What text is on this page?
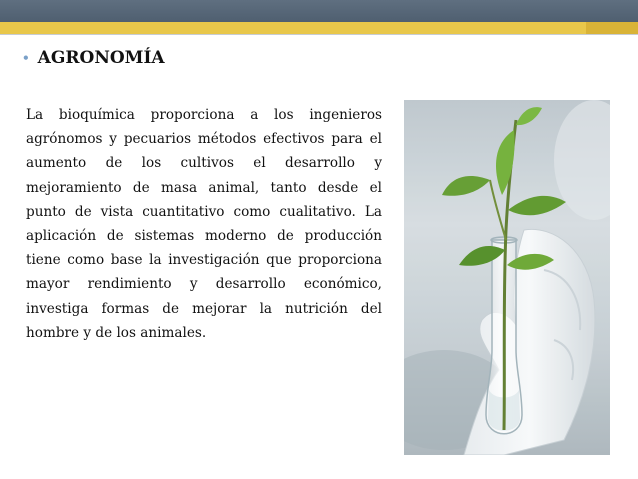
• AGRONOMÍA
La bioquímica proporciona a los ingenieros agrónomos y pecuarios métodos efectivos para el aumento de los cultivos el desarrollo y mejoramiento de masa animal, tanto desde el punto de vista cuantitativo como cualitativo. La aplicación de sistemas moderno de producción tiene como base la investigación que proporciona mayor rendimiento y desarrollo económico, investiga formas de mejorar la nutrición del hombre y de los animales.
